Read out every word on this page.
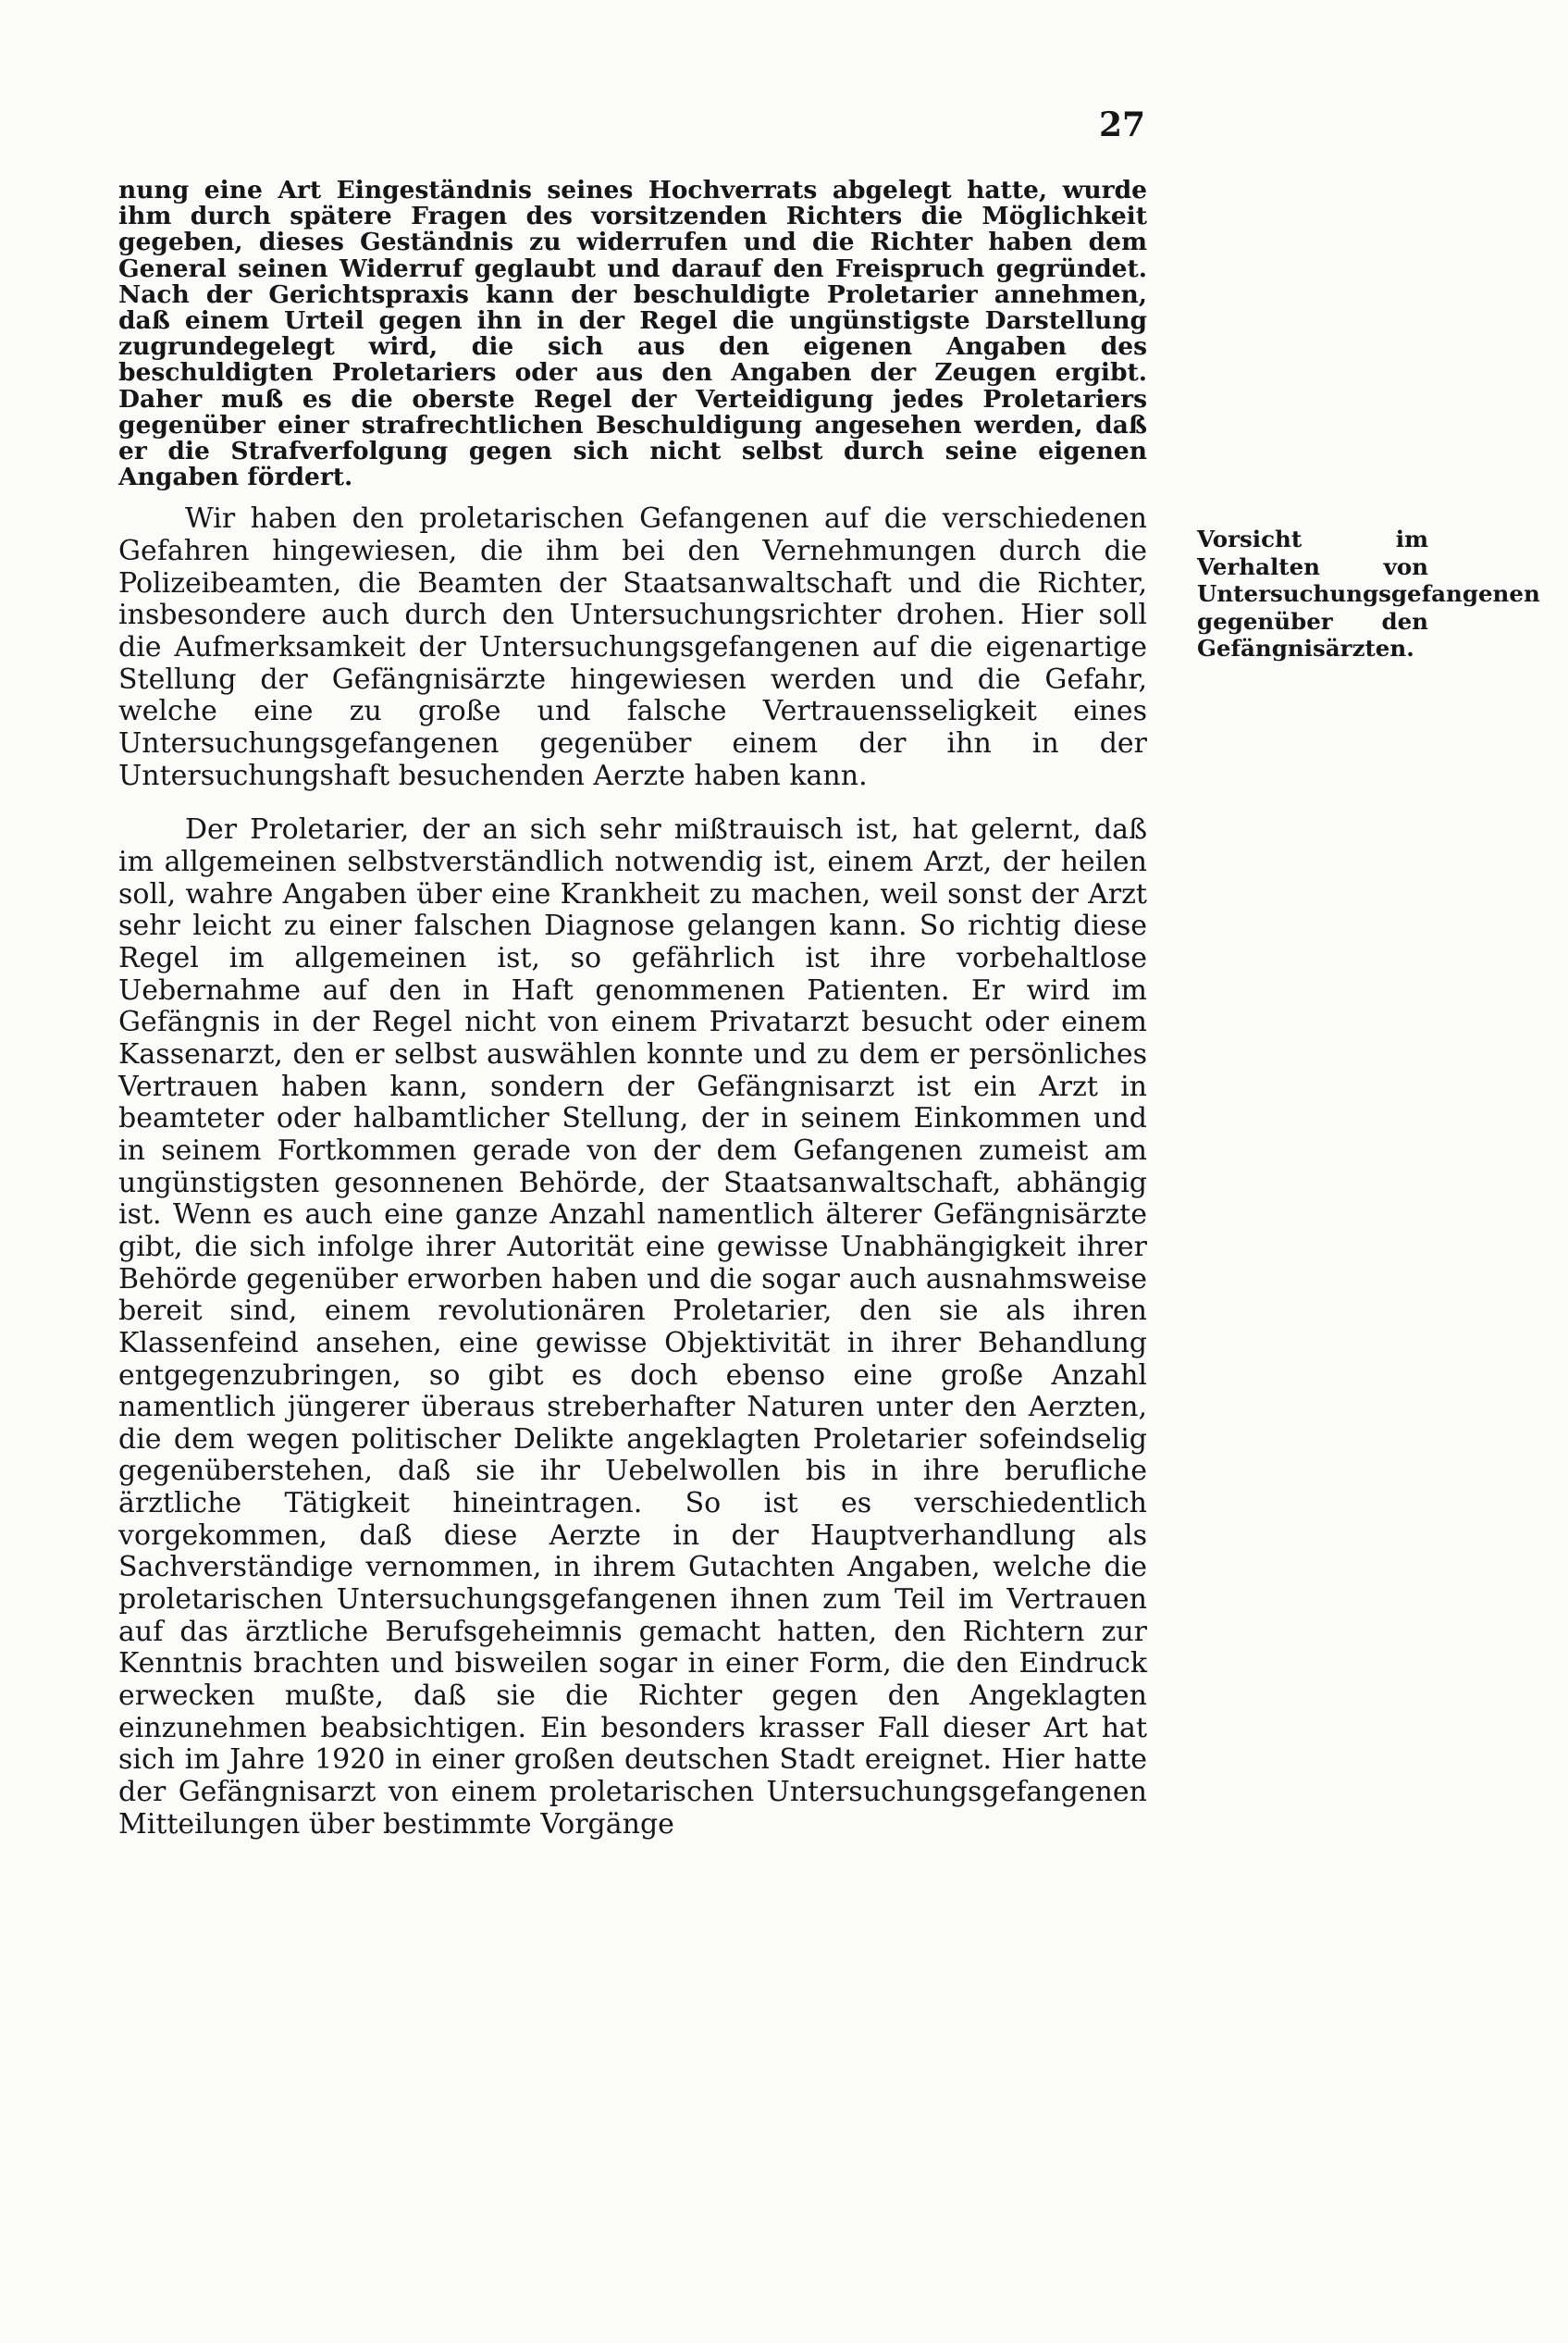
27

nung eine Art Eingeständnis seines Hochverrats abgelegt hatte, wurde ihm durch spätere Fragen des vorsitzenden Richters die Möglichkeit gegeben, dieses Geständnis zu widerrufen und die Richter haben dem General seinen Widerruf geglaubt und darauf den Freispruch gegründet. Nach der Gerichtspraxis kann der beschuldigte Proletarier annehmen, daß einem Urteil gegen ihn in der Regel die ungünstigste Darstellung zugrundegelegt wird, die sich aus den eigenen Angaben des beschuldigten Proletariers oder aus den Angaben der Zeugen ergibt. Daher muß es die oberste Regel der Verteidigung jedes Proletariers gegenüber einer strafrechtlichen Beschuldigung angesehen werden, daß er die Strafverfolgung gegen sich nicht selbst durch seine eigenen Angaben fördert.

Wir haben den proletarischen Gefangenen auf die verschiedenen Gefahren hingewiesen, die ihm bei den Vernehmungen durch die Polizeibeamten, die Beamten der Staatsanwaltschaft und die Richter, insbesondere auch durch den Untersuchungsrichter drohen. Hier soll die Aufmerksamkeit der Untersuchungsgefangenen auf die eigenartige Stellung der Gefängnisärzte hingewiesen werden und die Gefahr, welche eine zu große und falsche Vertrauensseligkeit eines Untersuchungsgefangenen gegenüber einem der ihn in der Untersuchungshaft besuchenden Aerzte haben kann.

Der Proletarier, der an sich sehr mißtrauisch ist, hat gelernt, daß im allgemeinen selbstverständlich notwendig ist, einem Arzt, der heilen soll, wahre Angaben über eine Krankheit zu machen, weil sonst der Arzt sehr leicht zu einer falschen Diagnose gelangen kann. So richtig diese Regel im allgemeinen ist, so gefährlich ist ihre vorbehaltlose Uebernahme auf den in Haft genommenen Patienten. Er wird im Gefängnis in der Regel nicht von einem Privatarzt besucht oder einem Kassenarzt, den er selbst auswählen konnte und zu dem er persönliches Vertrauen haben kann, sondern der Gefängnisarzt ist ein Arzt in beamteter oder halbamtlicher Stellung, der in seinem Einkommen und in seinem Fortkommen gerade von der dem Gefangenen zumeist am ungünstigsten gesonnenen Behörde, der Staatsanwaltschaft, abhängig ist. Wenn es auch eine ganze Anzahl namentlich älterer Gefängnisärzte gibt, die sich infolge ihrer Autorität eine gewisse Unabhängigkeit ihrer Behörde gegenüber erworben haben und die sogar auch ausnahmsweise bereit sind, einem revolutionären Proletarier, den sie als ihren Klassenfeind ansehen, eine gewisse Objektivität in ihrer Behandlung entgegenzubringen, so gibt es doch ebenso eine große Anzahl namentlich jüngerer überaus streberhafter Naturen unter den Aerzten, die dem wegen politischer Delikte angeklagten Proletarier sofeindselig gegenüberstehen, daß sie ihr Uebelwollen bis in ihre berufliche ärztliche Tätigkeit hineintragen. So ist es verschiedentlich vorgekommen, daß diese Aerzte in der Hauptverhandlung als Sachverständige vernommen, in ihrem Gutachten Angaben, welche die proletarischen Untersuchungsgefangenen ihnen zum Teil im Vertrauen auf das ärztliche Berufsgeheimnis gemacht hatten, den Richtern zur Kenntnis brachten und bisweilen sogar in einer Form, die den Eindruck erwecken mußte, daß sie die Richter gegen den Angeklagten einzunehmen beabsichtigen. Ein besonders krasser Fall dieser Art hat sich im Jahre 1920 in einer großen deutschen Stadt ereignet. Hier hatte der Gefängnisarzt von einem proletarischen Untersuchungsgefangenen Mitteilungen über bestimmte Vorgänge

Vorsicht im Verhalten von Untersuchungsgefangenen gegenüber den Gefängnisärzten.
